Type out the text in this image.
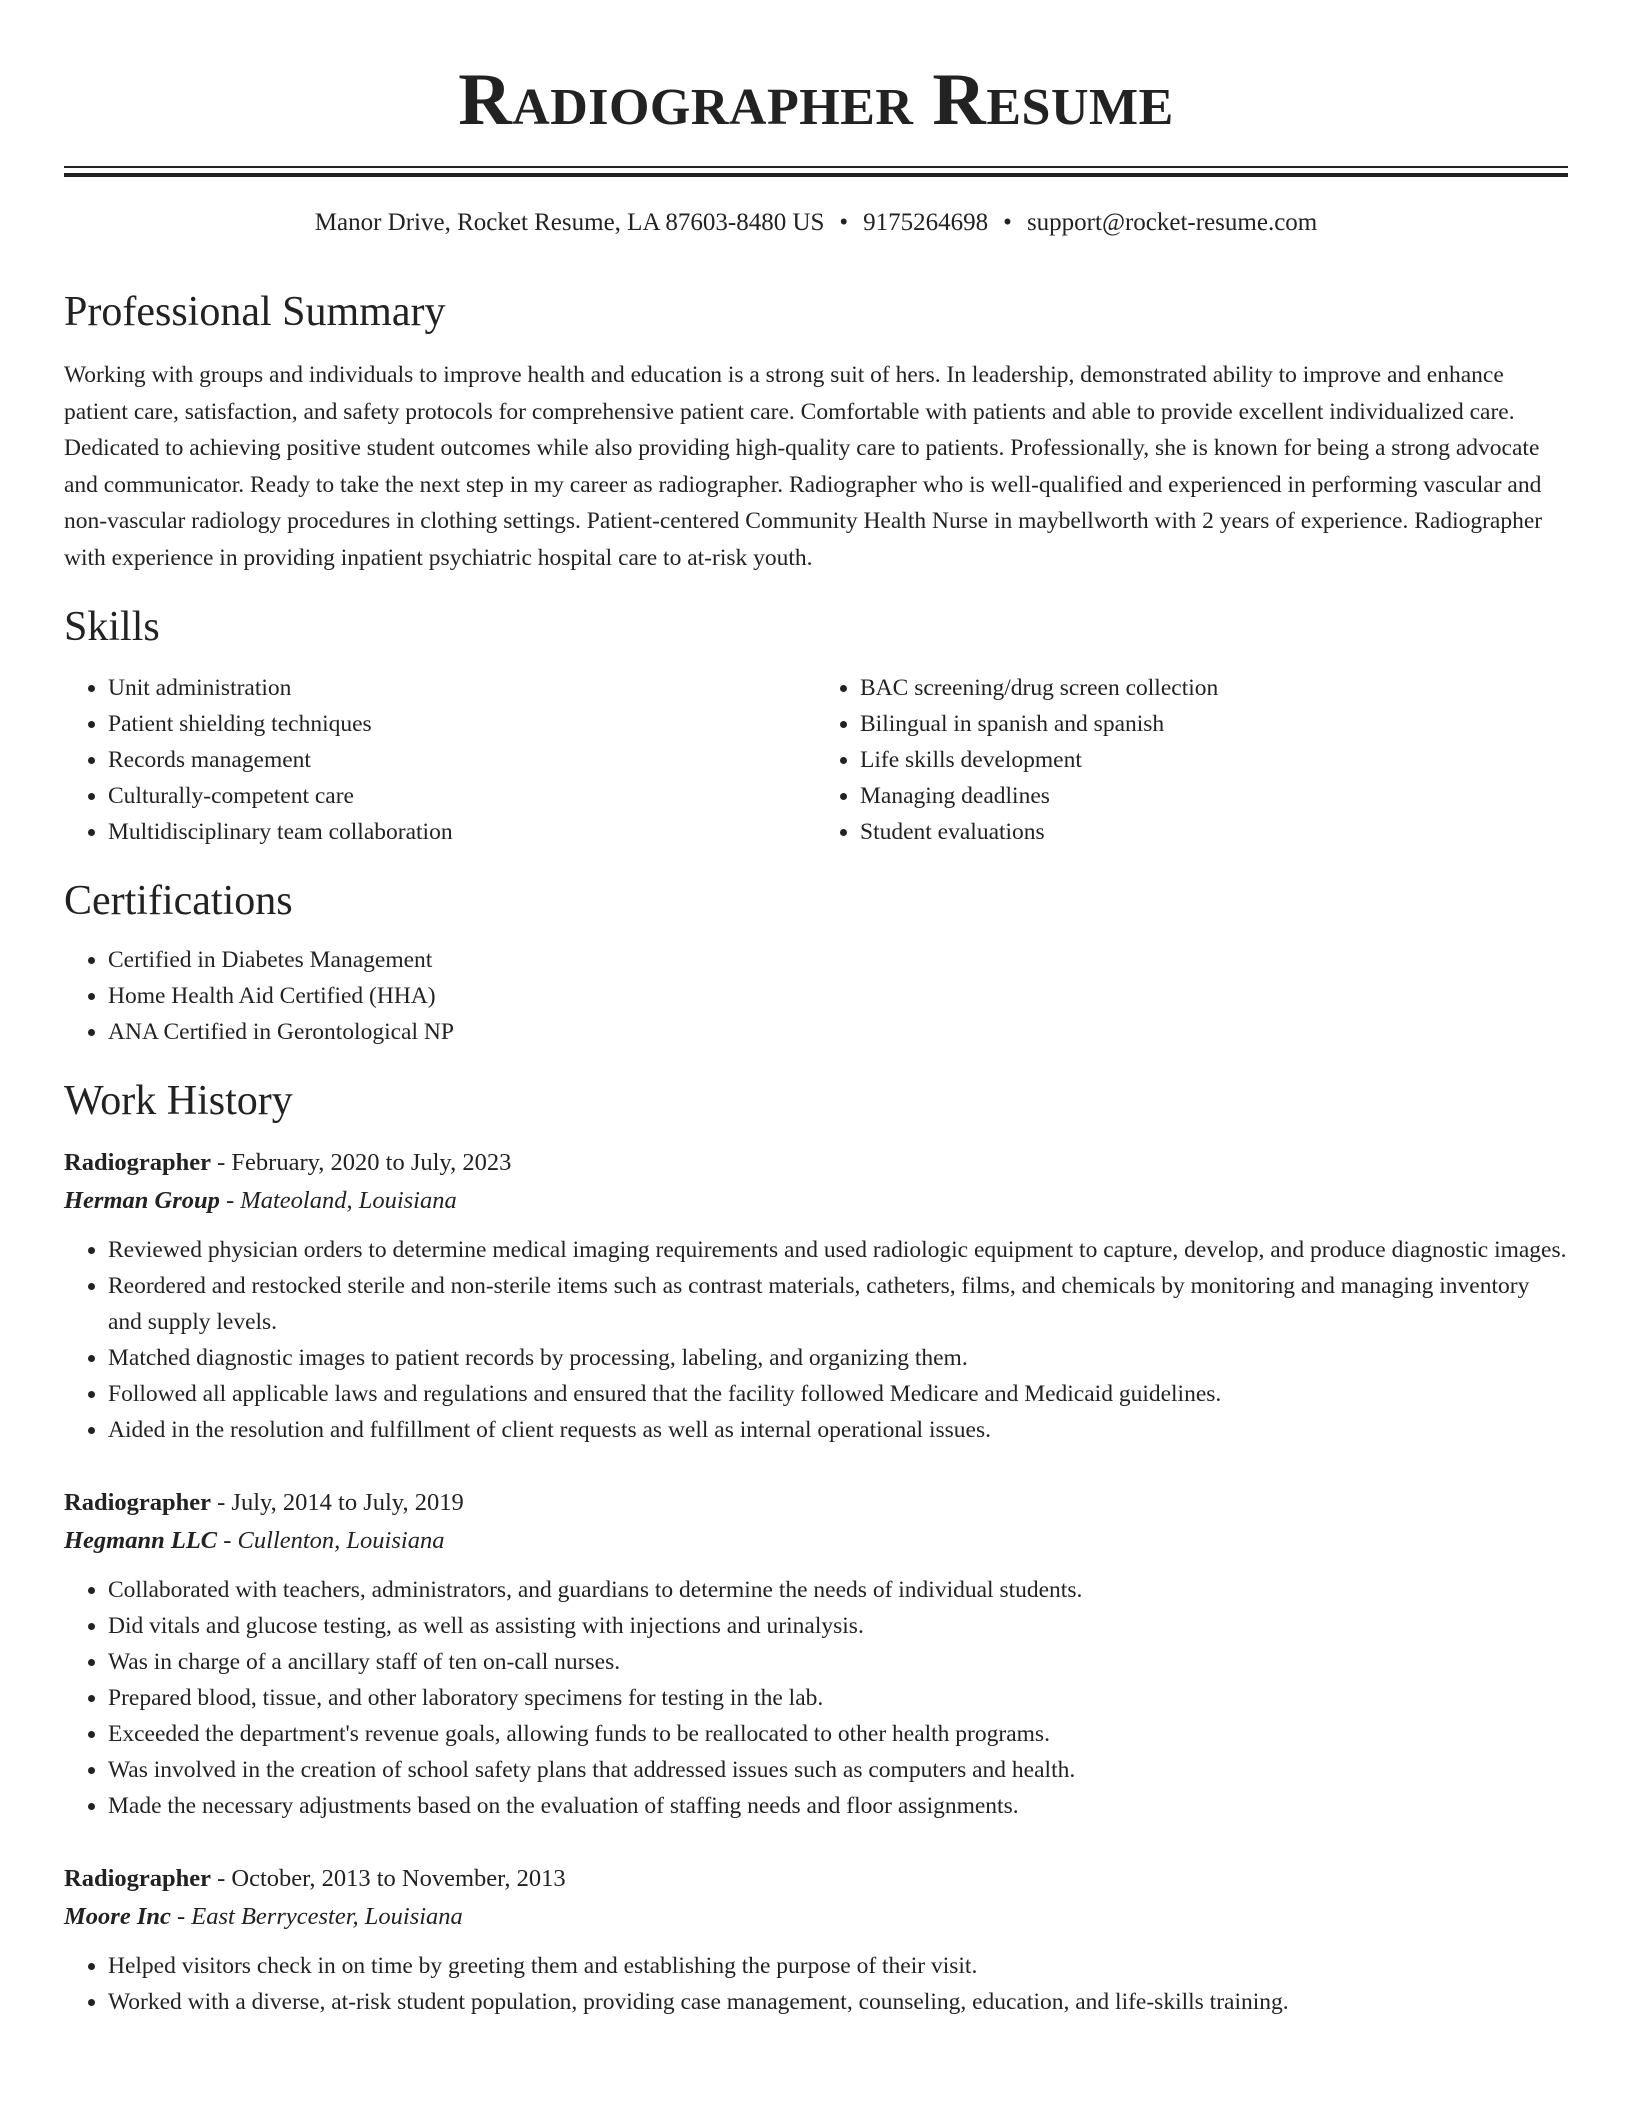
Radiographer Resume
Manor Drive, Rocket Resume, LA 87603-8480 US • 9175264698 • support@rocket-resume.com
Professional Summary

Working with groups and individuals to improve health and education is a strong suit of hers. In leadership, demonstrated ability to improve and enhance patient care, satisfaction, and safety protocols for comprehensive patient care. Comfortable with patients and able to provide excellent individualized care. Dedicated to achieving positive student outcomes while also providing high-quality care to patients. Professionally, she is known for being a strong advocate and communicator. Ready to take the next step in my career as radiographer. Radiographer who is well-qualified and experienced in performing vascular and non-vascular radiology procedures in clothing settings. Patient-centered Community Health Nurse in maybellworth with 2 years of experience. Radiographer with experience in providing inpatient psychiatric hospital care to at-risk youth.

Skills
• Unit administration
• Patient shielding techniques
• Records management
• Culturally-competent care
• Multidisciplinary team collaboration
• BAC screening/drug screen collection
• Bilingual in spanish and spanish
• Life skills development
• Managing deadlines
• Student evaluations
Certifications
• Certified in Diabetes Management
• Home Health Aid Certified (HHA)
• ANA Certified in Gerontological NP
Work History
Radiographer - February, 2020 to July, 2023
Herman Group - Mateoland, Louisiana
• Reviewed physician orders to determine medical imaging requirements and used radiologic equipment to capture, develop, and produce diagnostic images.
• Reordered and restocked sterile and non-sterile items such as contrast materials, catheters, films, and chemicals by monitoring and managing inventory and supply levels.
• Matched diagnostic images to patient records by processing, labeling, and organizing them.
• Followed all applicable laws and regulations and ensured that the facility followed Medicare and Medicaid guidelines.
• Aided in the resolution and fulfillment of client requests as well as internal operational issues.
Radiographer - July, 2014 to July, 2019
Hegmann LLC - Cullenton, Louisiana
• Collaborated with teachers, administrators, and guardians to determine the needs of individual students.
• Did vitals and glucose testing, as well as assisting with injections and urinalysis.
• Was in charge of a ancillary staff of ten on-call nurses.
• Prepared blood, tissue, and other laboratory specimens for testing in the lab.
• Exceeded the department's revenue goals, allowing funds to be reallocated to other health programs.
• Was involved in the creation of school safety plans that addressed issues such as computers and health.
• Made the necessary adjustments based on the evaluation of staffing needs and floor assignments.
Radiographer - October, 2013 to November, 2013
Moore Inc - East Berrycester, Louisiana
• Helped visitors check in on time by greeting them and establishing the purpose of their visit.
• Worked with a diverse, at-risk student population, providing case management, counseling, education, and life-skills training.
